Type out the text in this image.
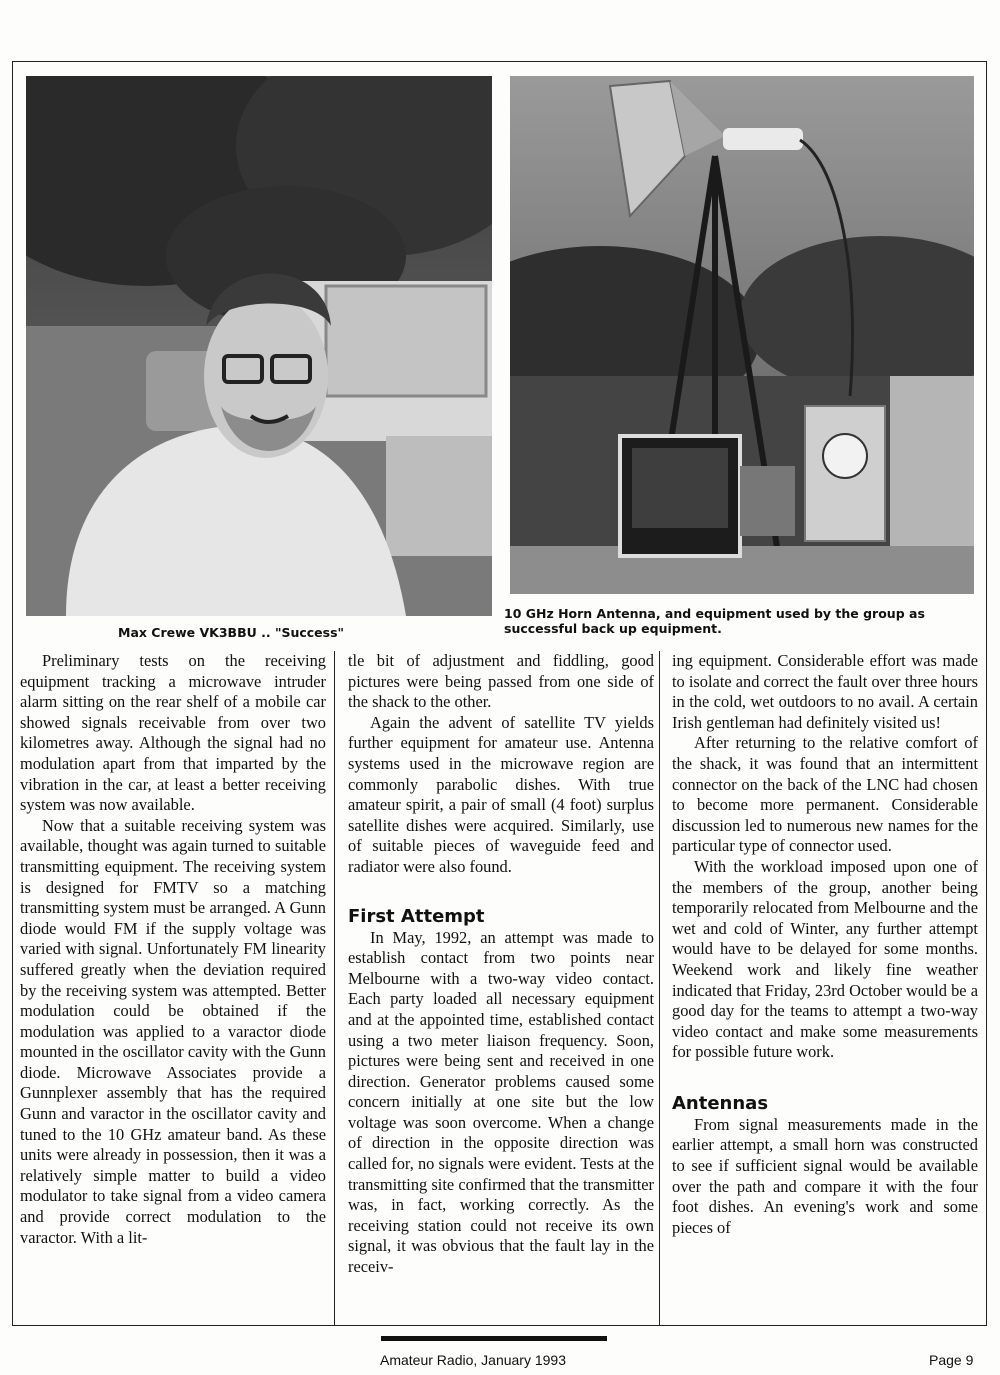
Max Crewe VK3BBU .. "Success"
10 GHz Horn Antenna, and equipment used by the group as successful back up equipment.

Preliminary tests on the receiving equipment tracking a microwave intruder alarm sitting on the rear shelf of a mobile car showed signals receivable from over two kilometres away. Although the signal had no modulation apart from that imparted by the vibration in the car, at least a better receiving system was now available.

Now that a suitable receiving system was available, thought was again turned to suitable transmitting equipment. The receiving system is designed for FMTV so a matching transmitting system must be arranged. A Gunn diode would FM if the supply voltage was varied with signal. Unfortunately FM linearity suffered greatly when the deviation required by the receiving system was attempted. Better modulation could be obtained if the modulation was applied to a varactor diode mounted in the oscillator cavity with the Gunn diode. Microwave Associates provide a Gunnplexer assembly that has the required Gunn and varactor in the oscillator cavity and tuned to the 10 GHz amateur band. As these units were already in possession, then it was a relatively simple matter to build a video modulator to take signal from a video camera and provide correct modulation to the varactor. With a lit-

tle bit of adjustment and fiddling, good pictures were being passed from one side of the shack to the other.

Again the advent of satellite TV yields further equipment for amateur use. Antenna systems used in the microwave region are commonly parabolic dishes. With true amateur spirit, a pair of small (4 foot) surplus satellite dishes were acquired. Similarly, use of suitable pieces of waveguide feed and radiator were also found.

First Attempt

In May, 1992, an attempt was made to establish contact from two points near Melbourne with a two-way video contact. Each party loaded all necessary equipment and at the appointed time, established contact using a two meter liaison frequency. Soon, pictures were being sent and received in one direction. Generator problems caused some concern initially at one site but the low voltage was soon overcome. When a change of direction in the opposite direction was called for, no signals were evident. Tests at the transmitting site confirmed that the transmitter was, in fact, working correctly. As the receiving station could not receive its own signal, it was obvious that the fault lay in the receiv-

ing equipment. Considerable effort was made to isolate and correct the fault over three hours in the cold, wet outdoors to no avail. A certain Irish gentleman had definitely visited us!

After returning to the relative comfort of the shack, it was found that an intermittent connector on the back of the LNC had chosen to become more permanent. Considerable discussion led to numerous new names for the particular type of connector used.

With the workload imposed upon one of the members of the group, another being temporarily relocated from Melbourne and the wet and cold of Winter, any further attempt would have to be delayed for some months. Weekend work and likely fine weather indicated that Friday, 23rd October would be a good day for the teams to attempt a two-way video contact and make some measurements for possible future work.

Antennas

From signal measurements made in the earlier attempt, a small horn was constructed to see if sufficient signal would be available over the path and compare it with the four foot dishes. An evening's work and some pieces of

Amateur Radio, January 1993	Page 9
